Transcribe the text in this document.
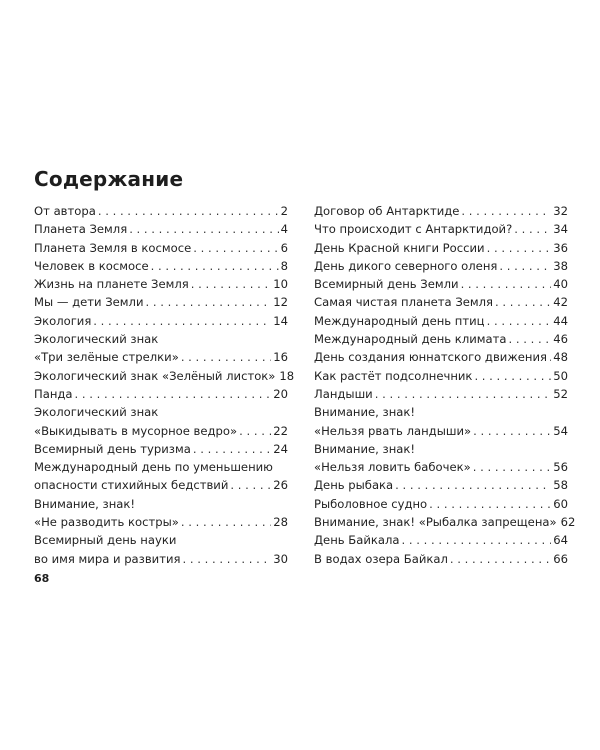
Содержание
От автора . . .	2
Планета Земля . . .	4
Планета Земля в космосе . . .	6
Человек в космосе . . .	8
Жизнь на планете Земля . . .	10
Мы — дети Земли . . .	12
Экология . . .	14
Экологический знак
«Три зелёные стрелки» . . .	16
Экологический знак «Зелёный листок» 18
Панда . . .	20
Экологический знак
«Выкидывать в мусорное ведро» . . .	22
Всемирный день туризма . . .	24
Международный день по уменьшению
опасности стихийных бедствий . . .	26
Внимание, знак!
«Не разводить костры» . . .	28
Всемирный день науки
во имя мира и развития . . .	30
Договор об Антарктиде . . .	32
Что происходит с Антарктидой? . . .	34
День Красной книги России . . .	36
День дикого северного оленя . . .	38
Всемирный день Земли . . .	40
Самая чистая планета Земля . . .	42
Международный день птиц . . .	44
Международный день климата . . .	46
День создания юннатского движения . . . 48
Как растёт подсолнечник . . .	50
Ландыши . . .	52
Внимание, знак!
«Нельзя рвать ландыши» . . .	54
Внимание, знак!
«Нельзя ловить бабочек» . . .	56
День рыбака . . .	58
Рыболовное судно . . .	60
Внимание, знак! «Рыбалка запрещена» 62
День Байкала . . .	64
В водах озера Байкал . . .	66
68
